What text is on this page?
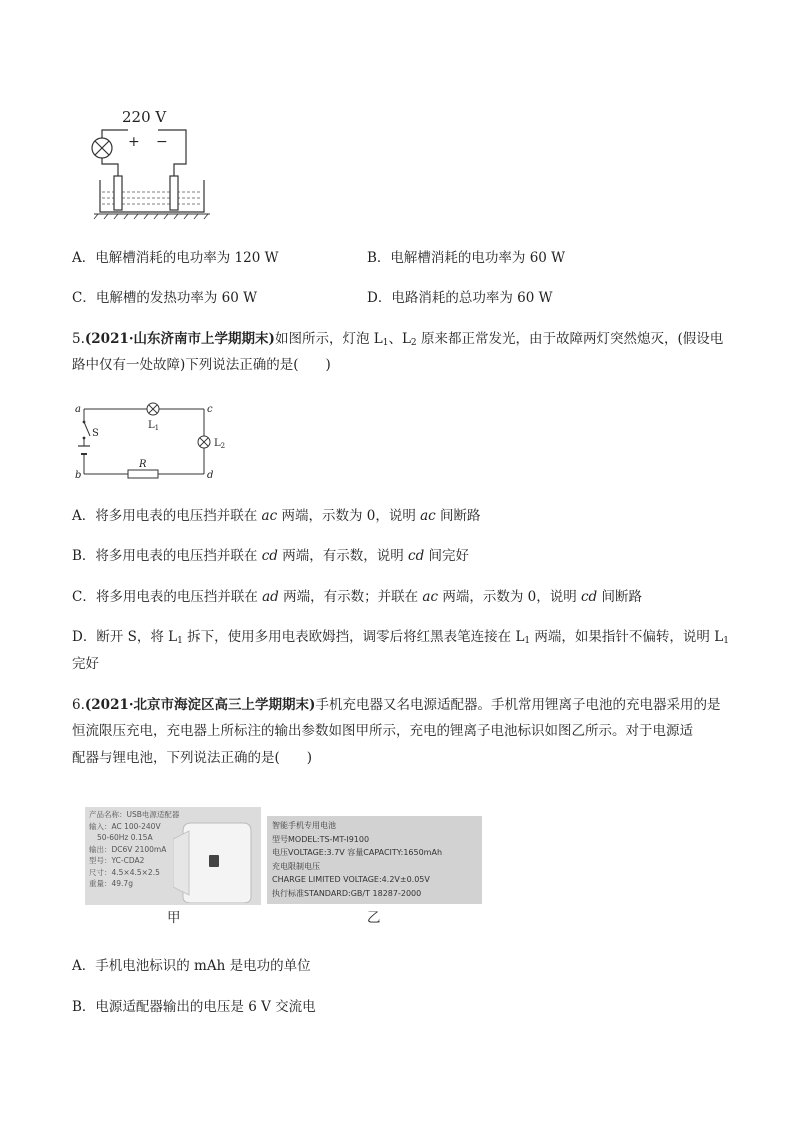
220 V
+ −
A．电解槽消耗的电功率为 120 W	B．电解槽消耗的电功率为 60 W
C．电解槽的发热功率为 60 W	D．电路消耗的总功率为 60 W
5.(2021·山东济南市上学期期末)如图所示，灯泡 $L_1$、$L_2$ 原来都正常发光，由于故障两灯突然熄灭，(假设电
路中仅有一处故障)下列说法正确的是(　　)
a
b
c
d
S
$L_1$
$L_2$
R
A．将多用电表的电压挡并联在 ac 两端，示数为 0，说明 ac 间断路
B．将多用电表的电压挡并联在 cd 两端，有示数，说明 cd 间完好
C．将多用电表的电压挡并联在 ad 两端，有示数；并联在 ac 两端，示数为 0，说明 cd 间断路
D．断开 S，将 $L_1$ 拆下，使用多用电表欧姆挡，调零后将红黑表笔连接在 $L_1$ 两端，如果指针不偏转，说明 $L_1$
完好
6.(2021·北京市海淀区高三上学期期末)手机充电器又名电源适配器。手机常用锂离子电池的充电器采用的是
恒流限压充电，充电器上所标注的输出参数如图甲所示，充电的锂离子电池标识如图乙所示。对于电源适
配器与锂电池，下列说法正确的是(　　)
产品名称：USB电源适配器
输入：AC 100-240V
50-60Hz 0.15A
输出：DC6V 2100mA
型号：YC-CDA2
尺寸：4.5×4.5×2.5
重量：49.7g
智能手机专用电池
型号MODEL:TS-MT-I9100
电压VOLTAGE:3.7V 容量CAPACITY:1650mAh
充电限制电压
CHARGE LIMITED VOLTAGE:4.2V±0.05V
执行标准STANDARD:GB/T 18287-2000
甲	乙
A．手机电池标识的 mAh 是电功的单位
B．电源适配器输出的电压是 6 V 交流电
